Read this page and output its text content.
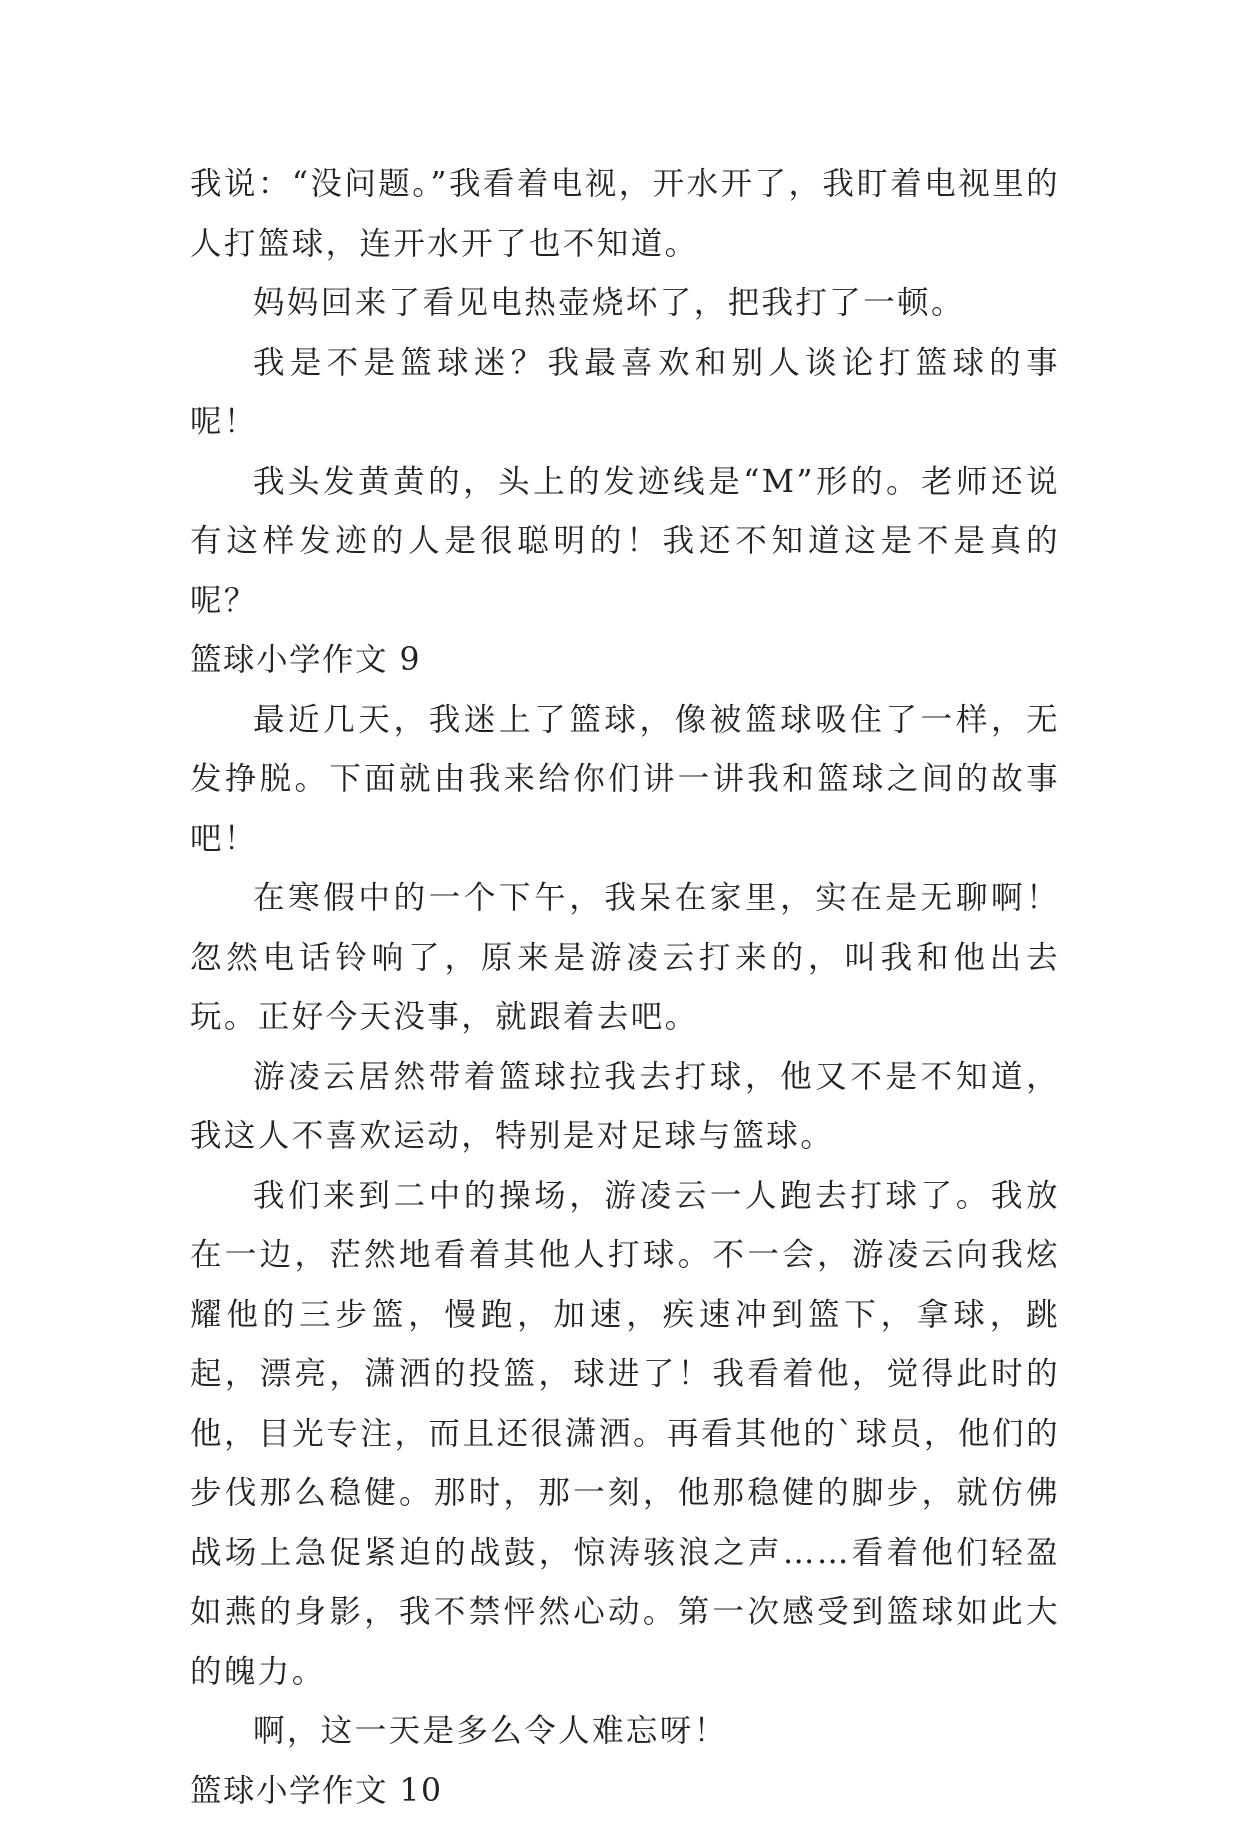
我说：“没问题。”我看着电视，开水开了，我盯着电视里的人打篮球，连开水开了也不知道。

妈妈回来了看见电热壶烧坏了，把我打了一顿。

我是不是篮球迷？我最喜欢和别人谈论打篮球的事呢！

我头发黄黄的，头上的发迹线是“M”形的。老师还说有这样发迹的人是很聪明的！我还不知道这是不是真的呢？

篮球小学作文 9

最近几天，我迷上了篮球，像被篮球吸住了一样，无发挣脱。下面就由我来给你们讲一讲我和篮球之间的故事吧！

在寒假中的一个下午，我呆在家里，实在是无聊啊！忽然电话铃响了，原来是游凌云打来的，叫我和他出去玩。正好今天没事，就跟着去吧。

游凌云居然带着篮球拉我去打球，他又不是不知道，我这人不喜欢运动，特别是对足球与篮球。

我们来到二中的操场，游凌云一人跑去打球了。我放在一边，茫然地看着其他人打球。不一会，游凌云向我炫耀他的三步篮，慢跑，加速，疾速冲到篮下，拿球，跳起，漂亮，潇洒的投篮，球进了！我看着他，觉得此时的他，目光专注，而且还很潇洒。再看其他的`球员，他们的步伐那么稳健。那时，那一刻，他那稳健的脚步，就仿佛战场上急促紧迫的战鼓，惊涛骇浪之声……看着他们轻盈如燕的身影，我不禁怦然心动。第一次感受到篮球如此大的魄力。

啊，这一天是多么令人难忘呀！

篮球小学作文 10
